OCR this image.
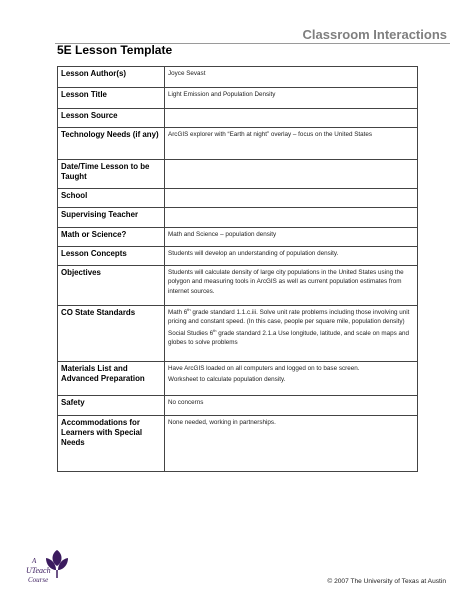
Classroom Interactions
5E Lesson Template
Lesson Author(s)	Joyce Sevast
Lesson Title	Light Emission and Population Density
Lesson Source	
Technology Needs (if any)	ArcGIS explorer with “Earth at night” overlay – focus on the United States
Date/Time Lesson to be Taught	
School	
Supervising Teacher	
Math or Science?	Math and Science – population density
Lesson Concepts	Students will develop an understanding of population density.
Objectives	Students will calculate density of large city populations in the United States using the polygon and measuring tools in ArcGIS as well as current population estimates from internet sources.
CO State Standards	Math 6th grade standard 1.1.c.iii. Solve unit rate problems including those involving unit pricing and constant speed. (In this case, people per square mile, population density)

Social Studies 6th grade standard 2.1.a Use longitude, latitude, and scale on maps and globes to solve problems

Materials List and Advanced Preparation	Have ArcGIS loaded on all computers and logged on to base screen.

Worksheet to calculate population density.

Safety	No concerns
Accommodations for Learners with Special Needs	None needed, working in partnerships.
A
UTeach
Course	© 2007 The University of Texas at Austin
